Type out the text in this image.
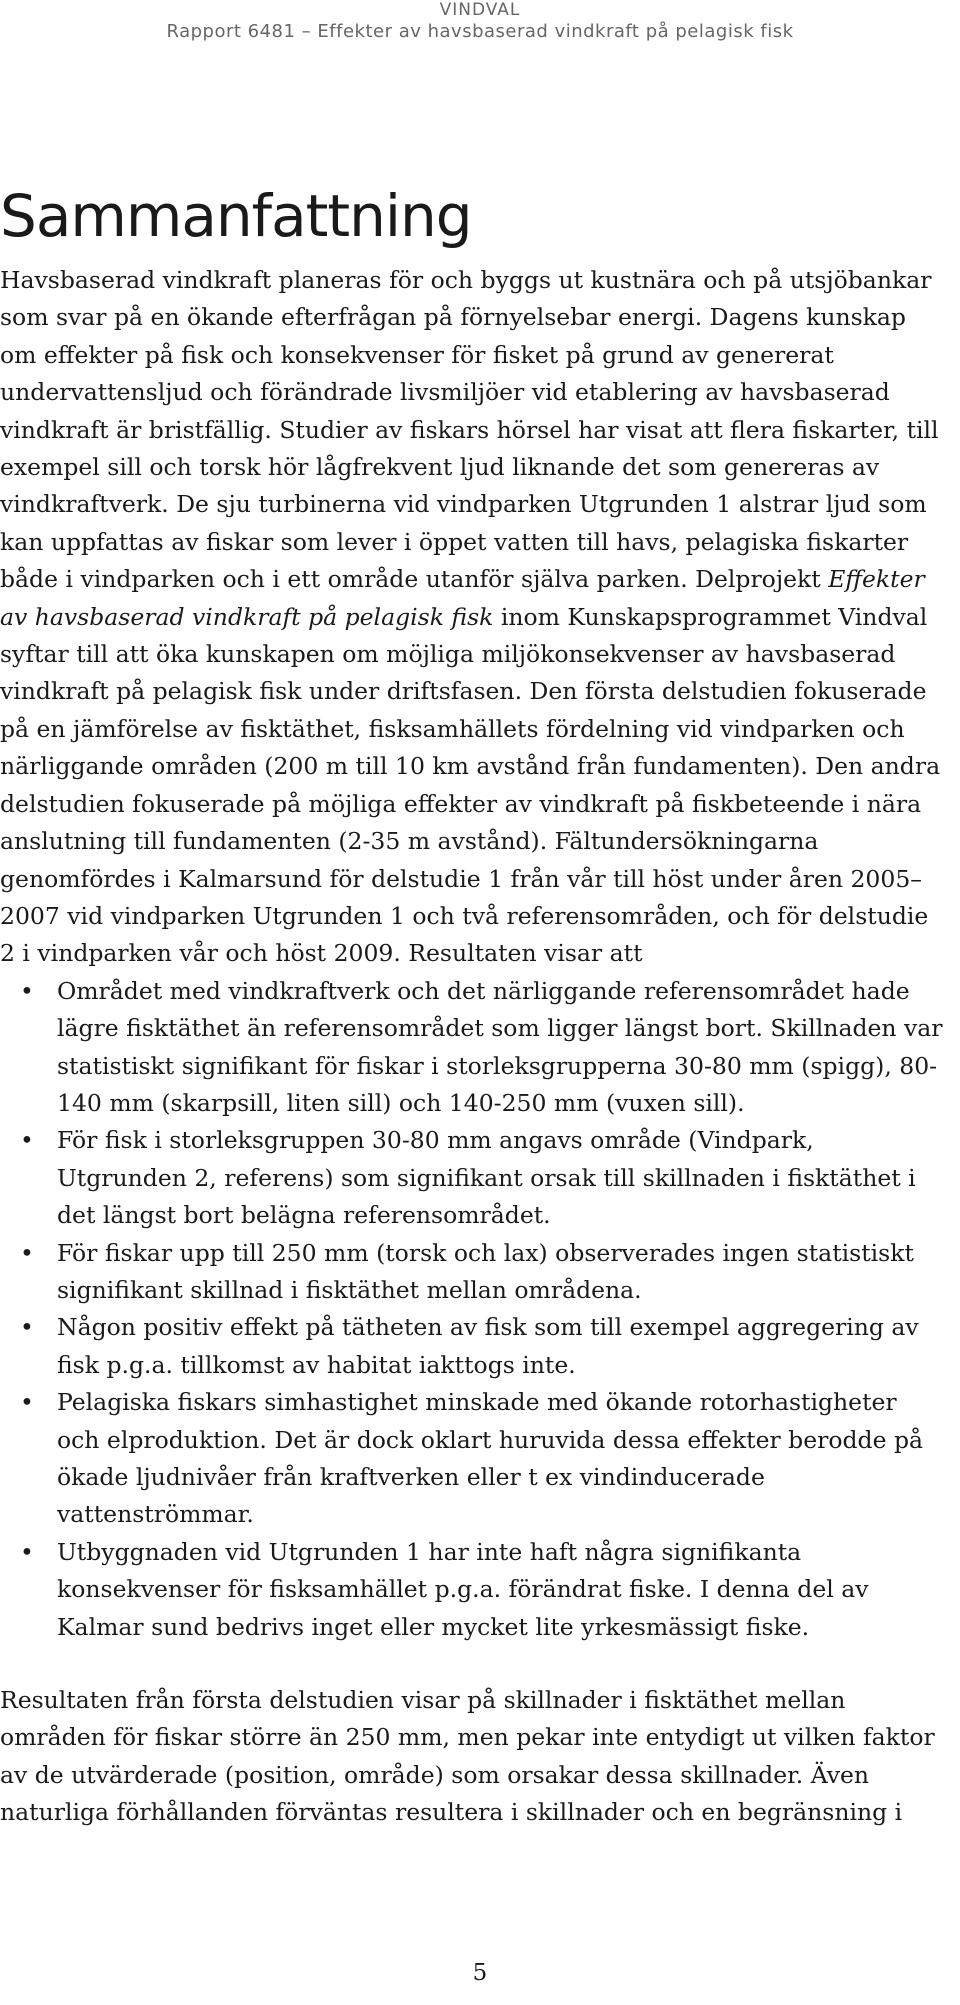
VINDVAL
Rapport 6481 – Effekter av havsbaserad vindkraft på pelagisk fisk
Sammanfattning

Havsbaserad vindkraft planeras för och byggs ut kustnära och på utsjöbankar som svar på en ökande efterfrågan på förnyelsebar energi. Dagens kunskap om effekter på fisk och konsekvenser för fisket på grund av genererat undervattensljud och förändrade livsmiljöer vid etablering av havsbaserad vindkraft är bristfällig. Studier av fiskars hörsel har visat att flera fiskarter, till exempel sill och torsk hör lågfrekvent ljud liknande det som genereras av vindkraftverk. De sju turbinerna vid vindparken Utgrunden 1 alstrar ljud som kan uppfattas av fiskar som lever i öppet vatten till havs, pelagiska fiskarter både i vindparken och i ett område utanför själva parken. Delprojekt Effekter av havsbaserad vindkraft på pelagisk fisk inom Kunskapsprogrammet Vindval syftar till att öka kunskapen om möjliga miljökonsekvenser av havsbaserad vindkraft på pelagisk fisk under driftsfasen. Den första delstudien fokuserade på en jämförelse av fisktäthet, fisksamhällets fördelning vid vindparken och närliggande områden (200 m till 10 km avstånd från fundamenten). Den andra delstudien fokuserade på möjliga effekter av vindkraft på fiskbeteende i nära anslutning till fundamenten (2-35 m avstånd). Fältundersökningarna genomfördes i Kalmarsund för delstudie 1 från vår till höst under åren 2005–2007 vid vindparken Utgrunden 1 och två referensområden, och för delstudie 2 i vindparken vår och höst 2009. Resultaten visar att

• Området med vindkraftverk och det närliggande referensområdet hade lägre fisktäthet än referensområdet som ligger längst bort. Skillnaden var statistiskt signifikant för fiskar i storleksgrupperna 30-80 mm (spigg), 80-140 mm (skarpsill, liten sill) och 140-250 mm (vuxen sill).
• För fisk i storleksgruppen 30-80 mm angavs område (Vindpark, Utgrunden 2, referens) som signifikant orsak till skillnaden i fisktäthet i det längst bort belägna referensområdet.
• För fiskar upp till 250 mm (torsk och lax) observerades ingen statistiskt signifikant skillnad i fisktäthet mellan områdena.
• Någon positiv effekt på tätheten av fisk som till exempel aggregering av fisk p.g.a. tillkomst av habitat iakttogs inte.
• Pelagiska fiskars simhastighet minskade med ökande rotorhastigheter och elproduktion. Det är dock oklart huruvida dessa effekter berodde på ökade ljudnivåer från kraftverken eller t ex vindinducerade vattenströmmar.
• Utbyggnaden vid Utgrunden 1 har inte haft några signifikanta konsekvenser för fisksamhället p.g.a. förändrat fiske. I denna del av Kalmar sund bedrivs inget eller mycket lite yrkesmässigt fiske.

Resultaten från första delstudien visar på skillnader i fisktäthet mellan områden för fiskar större än 250 mm, men pekar inte entydigt ut vilken faktor av de utvärderade (position, område) som orsakar dessa skillnader. Även naturliga förhållanden förväntas resultera i skillnader och en begränsning i

5
